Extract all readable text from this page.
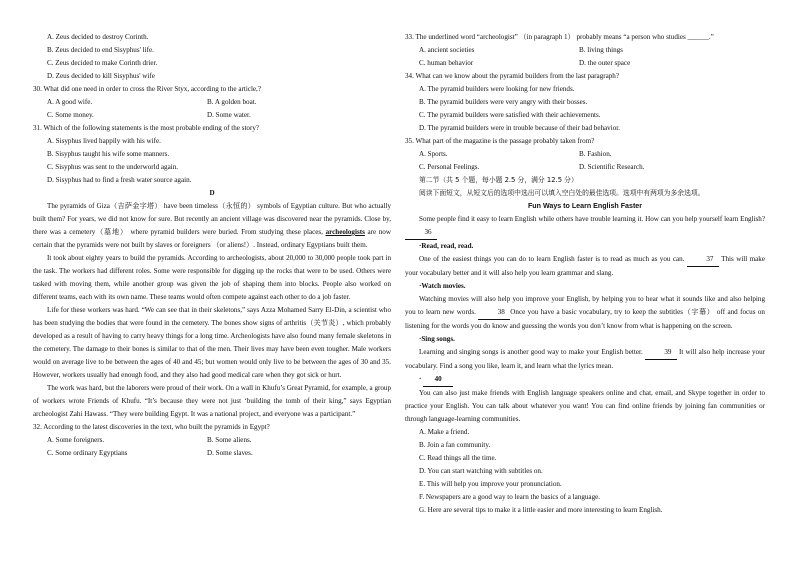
A. Zeus decided to destroy Corinth.
B. Zeus decided to end Sisyphus' life.
C. Zeus decided to make Corinth drier.
D. Zeus decided to kill Sisyphus' wife
30. What did one need in order to cross the River Styx, according to the article,?
A. A good wife.	B. A golden boat.
C. Some money.	D. Some water.
31. Which of the following statements is the most probable ending of the story?
A. Sisyphus lived happily with his wife.
B. Sisyphus taught his wife some manners.
C. Sisyphus was sent to the underworld again.
D. Sisyphus had to find a fresh water source again.
D
The pyramids of Giza（吉萨金字塔） have been timeless（永恒的） symbols of Egyptian culture. But who actually built them? For years, we did not know for sure. But recently an ancient village was discovered near the pyramids. Close by, there was a cemetery（墓地） where pyramid builders were buried. From studying these places, archeologists are now certain that the pyramids were not built by slaves or foreigners （or aliens!）. Instead, ordinary Egyptians built them.
It took about eighty years to build the pyramids. According to archeologists, about 20,000 to 30,000 people took part in the task. The workers had different roles. Some were responsible for digging up the rocks that were to be used. Others were tasked with moving them, while another group was given the job of shaping them into blocks. People also worked on different teams, each with its own name. These teams would often compete against each other to do a job faster.
Life for these workers was hard. “We can see that in their skeletons,” says Azza Mohamed Sarry El-Din, a scientist who has been studying the bodies that were found in the cemetery. The bones show signs of arthritis（关节炎）, which probably developed as a result of having to carry heavy things for a long time. Archeologists have also found many female skeletons in the cemetery. The damage to their bones is similar to that of the men. Their lives may have been even tougher. Male workers would on average live to be between the ages of 40 and 45; but women would only live to be between the ages of 30 and 35. However, workers usually had enough food, and they also had good medical care when they got sick or hurt.
The work was hard, but the laborers were proud of their work. On a wall in Khufu’s Great Pyramid, for example, a group of workers wrote Friends of Khufu. “It’s because they were not just ‘building the tomb of their king,” says Egyptian archeologist Zahi Hawass. “They were building Egypt. It was a national project, and everyone was a participant.”
32. According to the latest discoveries in the text, who built the pyramids in Egypt?
A. Some foreigners.	B. Some aliens.
C. Some ordinary Egyptians	D. Some slaves.
33. The underlined word “archeologist” （in paragraph 1） probably means “a person who studies ______.”
A. ancient societies	B. living things
C. human behavior	D. the outer space
34. What can we know about the pyramid builders from the last paragraph?
A. The pyramid builders were looking for new friends.
B. The pyramid builders were very angry with their bosses.
C. The pyramid builders were satisfied with their achievements.
D. The pyramid builders were in trouble because of their bad behavior.
35. What part of the magazine is the passage probably taken from?
A. Sports.	B. Fashion.
C. Personal Feelings.	D. Scientific Research.
第二节（共 5 个题，每小题 2.5 分，满分 12.5 分）
阅读下面短文，从短文后的选项中选出可以填入空白处的最佳选项。选项中有两项为多余选项。
Fun Ways to Learn English Faster
Some people find it easy to learn English while others have trouble learning it. How can you help yourself learn English? 36
·Read, read, read.
One of the easiest things you can do to learn English faster is to read as much as you can.	37 This will make your vocabulary better and it will also help you learn grammar and slang.
·Watch movies.
Watching movies will also help you improve your English, by helping you to hear what it sounds like and also helping you to learn new words.	38 Once you have a basic vocabulary, try to keep the subtitles（字幕） off and focus on listening for the words you do know and guessing the words you don’t know from what is happening on the screen.
·Sing songs.
Learning and singing songs is another good way to make your English better.	39 It will also help increase your vocabulary. Find a song you like, learn it, and learn what the lyrics mean.
· 40
You can also just make friends with English language speakers online and chat, email, and Skype together in order to practice your English. You can talk about whatever you want! You can find online friends by joining fan communities or through language-learning communities.
A. Make a friend.
B. Join a fan community.
C. Read things all the time.
D. You can start watching with subtitles on.
E. This will help you improve your pronunciation.
F. Newspapers are a good way to learn the basics of a language.
G. Here are several tips to make it a little easier and more interesting to learn English.
